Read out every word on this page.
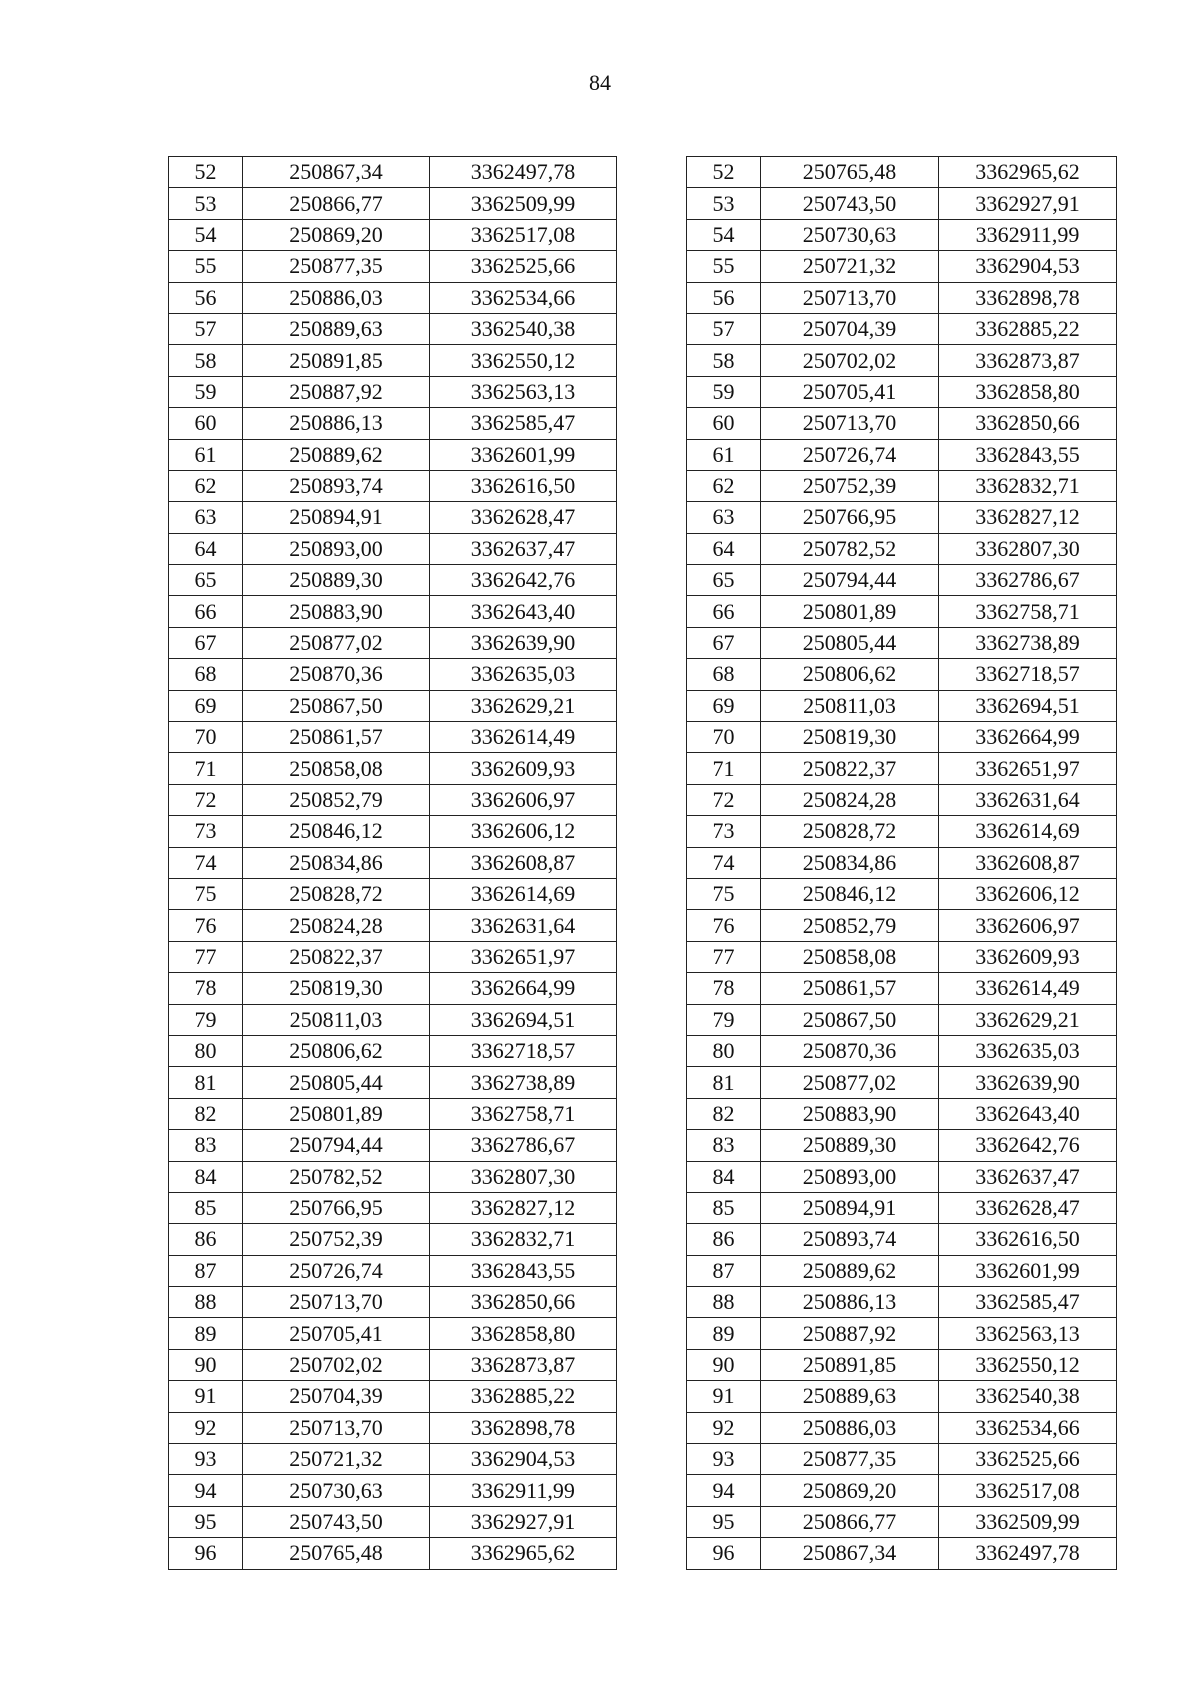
84
52	250867,34	3362497,78
53	250866,77	3362509,99
54	250869,20	3362517,08
55	250877,35	3362525,66
56	250886,03	3362534,66
57	250889,63	3362540,38
58	250891,85	3362550,12
59	250887,92	3362563,13
60	250886,13	3362585,47
61	250889,62	3362601,99
62	250893,74	3362616,50
63	250894,91	3362628,47
64	250893,00	3362637,47
65	250889,30	3362642,76
66	250883,90	3362643,40
67	250877,02	3362639,90
68	250870,36	3362635,03
69	250867,50	3362629,21
70	250861,57	3362614,49
71	250858,08	3362609,93
72	250852,79	3362606,97
73	250846,12	3362606,12
74	250834,86	3362608,87
75	250828,72	3362614,69
76	250824,28	3362631,64
77	250822,37	3362651,97
78	250819,30	3362664,99
79	250811,03	3362694,51
80	250806,62	3362718,57
81	250805,44	3362738,89
82	250801,89	3362758,71
83	250794,44	3362786,67
84	250782,52	3362807,30
85	250766,95	3362827,12
86	250752,39	3362832,71
87	250726,74	3362843,55
88	250713,70	3362850,66
89	250705,41	3362858,80
90	250702,02	3362873,87
91	250704,39	3362885,22
92	250713,70	3362898,78
93	250721,32	3362904,53
94	250730,63	3362911,99
95	250743,50	3362927,91
96	250765,48	3362965,62
52	250765,48	3362965,62
53	250743,50	3362927,91
54	250730,63	3362911,99
55	250721,32	3362904,53
56	250713,70	3362898,78
57	250704,39	3362885,22
58	250702,02	3362873,87
59	250705,41	3362858,80
60	250713,70	3362850,66
61	250726,74	3362843,55
62	250752,39	3362832,71
63	250766,95	3362827,12
64	250782,52	3362807,30
65	250794,44	3362786,67
66	250801,89	3362758,71
67	250805,44	3362738,89
68	250806,62	3362718,57
69	250811,03	3362694,51
70	250819,30	3362664,99
71	250822,37	3362651,97
72	250824,28	3362631,64
73	250828,72	3362614,69
74	250834,86	3362608,87
75	250846,12	3362606,12
76	250852,79	3362606,97
77	250858,08	3362609,93
78	250861,57	3362614,49
79	250867,50	3362629,21
80	250870,36	3362635,03
81	250877,02	3362639,90
82	250883,90	3362643,40
83	250889,30	3362642,76
84	250893,00	3362637,47
85	250894,91	3362628,47
86	250893,74	3362616,50
87	250889,62	3362601,99
88	250886,13	3362585,47
89	250887,92	3362563,13
90	250891,85	3362550,12
91	250889,63	3362540,38
92	250886,03	3362534,66
93	250877,35	3362525,66
94	250869,20	3362517,08
95	250866,77	3362509,99
96	250867,34	3362497,78
